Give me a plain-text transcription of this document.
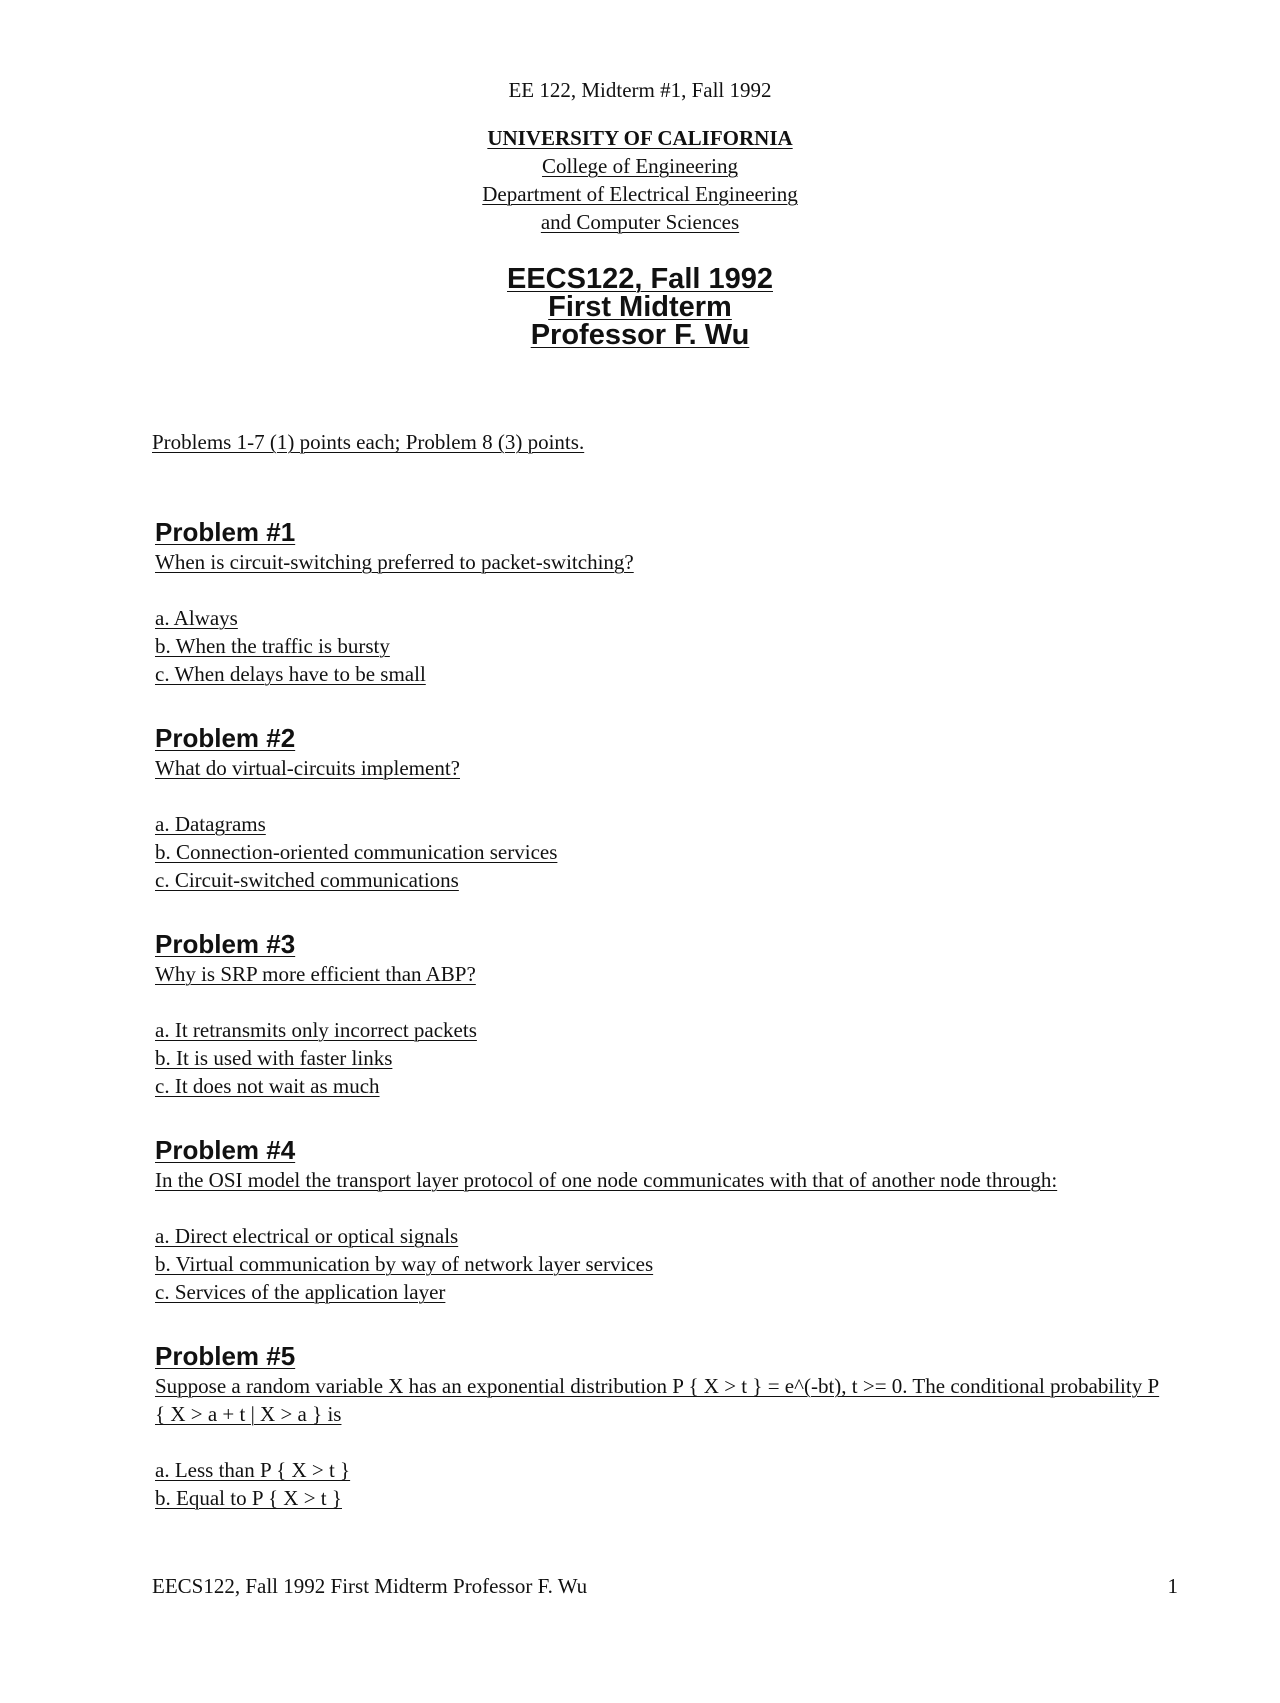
EE 122, Midterm #1, Fall 1992
UNIVERSITY OF CALIFORNIA
College of Engineering
Department of Electrical Engineering
and Computer Sciences
EECS122, Fall 1992
First Midterm
Professor F. Wu
Problems 1-7 (1) points each; Problem 8 (3) points.
Problem #1
When is circuit-switching preferred to packet-switching?
a. Always
b. When the traffic is bursty
c. When delays have to be small
Problem #2
What do virtual-circuits implement?
a. Datagrams
b. Connection-oriented communication services
c. Circuit-switched communications
Problem #3
Why is SRP more efficient than ABP?
a. It retransmits only incorrect packets
b. It is used with faster links
c. It does not wait as much
Problem #4
In the OSI model the transport layer protocol of one node communicates with that of another node through:
a. Direct electrical or optical signals
b. Virtual communication by way of network layer services
c. Services of the application layer
Problem #5
Suppose a random variable X has an exponential distribution P { X > t } = e^(-bt), t >= 0. The conditional probability P { X > a + t | X > a } is
a. Less than P { X > t }
b. Equal to P { X > t }
EECS122, Fall 1992 First Midterm Professor F. Wu	1
